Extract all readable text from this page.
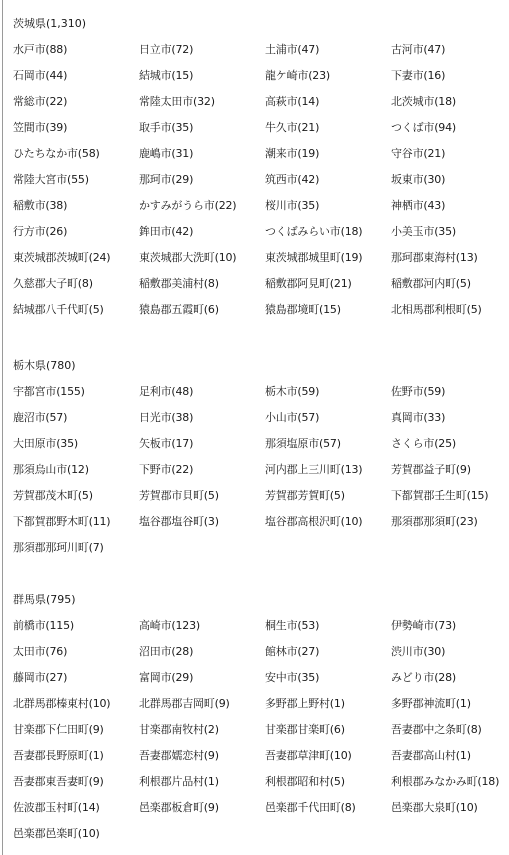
茨城県(1,310)
水戸市(88)	日立市(72)	土浦市(47)	古河市(47)
石岡市(44)	結城市(15)	龍ケ崎市(23)	下妻市(16)
常総市(22)	常陸太田市(32)	高萩市(14)	北茨城市(18)
笠間市(39)	取手市(35)	牛久市(21)	つくば市(94)
ひたちなか市(58)	鹿嶋市(31)	潮来市(19)	守谷市(21)
常陸大宮市(55)	那珂市(29)	筑西市(42)	坂東市(30)
稲敷市(38)	かすみがうら市(22)	桜川市(35)	神栖市(43)
行方市(26)	鉾田市(42)	つくばみらい市(18)	小美玉市(35)
東茨城郡茨城町(24)	東茨城郡大洗町(10)	東茨城郡城里町(19)	那珂郡東海村(13)
久慈郡大子町(8)	稲敷郡美浦村(8)	稲敷郡阿見町(21)	稲敷郡河内町(5)
結城郡八千代町(5)	猿島郡五霞町(6)	猿島郡境町(15)	北相馬郡利根町(5)
栃木県(780)
宇都宮市(155)	足利市(48)	栃木市(59)	佐野市(59)
鹿沼市(57)	日光市(38)	小山市(57)	真岡市(33)
大田原市(35)	矢板市(17)	那須塩原市(57)	さくら市(25)
那須烏山市(12)	下野市(22)	河内郡上三川町(13)	芳賀郡益子町(9)
芳賀郡茂木町(5)	芳賀郡市貝町(5)	芳賀郡芳賀町(5)	下都賀郡壬生町(15)
下都賀郡野木町(11)	塩谷郡塩谷町(3)	塩谷郡高根沢町(10)	那須郡那須町(23)
那須郡那珂川町(7)
群馬県(795)
前橋市(115)	高崎市(123)	桐生市(53)	伊勢崎市(73)
太田市(76)	沼田市(28)	館林市(27)	渋川市(30)
藤岡市(27)	富岡市(29)	安中市(35)	みどり市(28)
北群馬郡榛東村(10)	北群馬郡吉岡町(9)	多野郡上野村(1)	多野郡神流町(1)
甘楽郡下仁田町(9)	甘楽郡南牧村(2)	甘楽郡甘楽町(6)	吾妻郡中之条町(8)
吾妻郡長野原町(1)	吾妻郡嬬恋村(9)	吾妻郡草津町(10)	吾妻郡高山村(1)
吾妻郡東吾妻町(9)	利根郡片品村(1)	利根郡昭和村(5)	利根郡みなかみ町(18)
佐波郡玉村町(14)	邑楽郡板倉町(9)	邑楽郡千代田町(8)	邑楽郡大泉町(10)
邑楽郡邑楽町(10)
